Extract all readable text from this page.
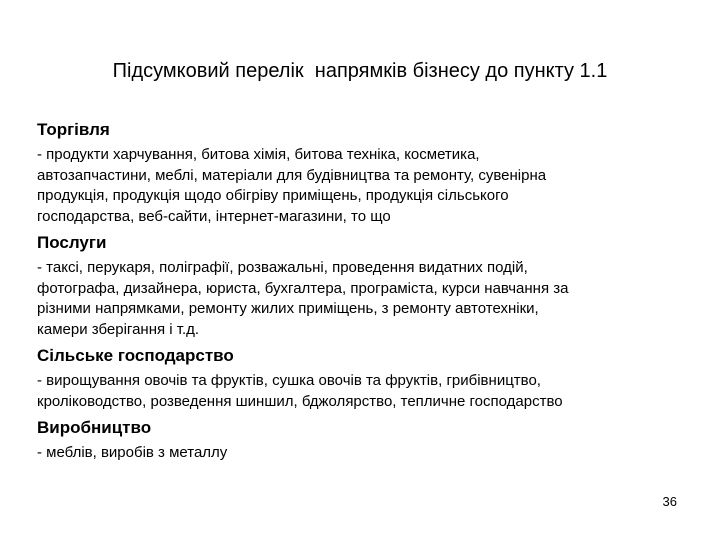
Підсумковий перелік  напрямків бізнесу до пункту 1.1
Торгівля
- продукти харчування, битова хімія, битова техніка, косметика,
автозапчастини, меблі, матеріали для будівництва та ремонту, сувенірна
продукція, продукція щодо обігріву приміщень, продукція сільського
господарства, веб-сайти, інтернет-магазини, то що
Послуги
- таксі, перукаря, поліграфії, розважальні, проведення видатних подій,
фотографа, дизайнера, юриста, бухгалтера, програміста, курси навчання за
різними напрямками, ремонту жилих приміщень, з ремонту автотехніки,
камери зберігання і т.д.
Сільське господарство
- вирощування овочів та фруктів, сушка овочів та фруктів, грибівництво,
кроліководство, розведення шиншил, бджолярство, тепличне господарство
Виробництво
- меблів, виробів з металлу
36
